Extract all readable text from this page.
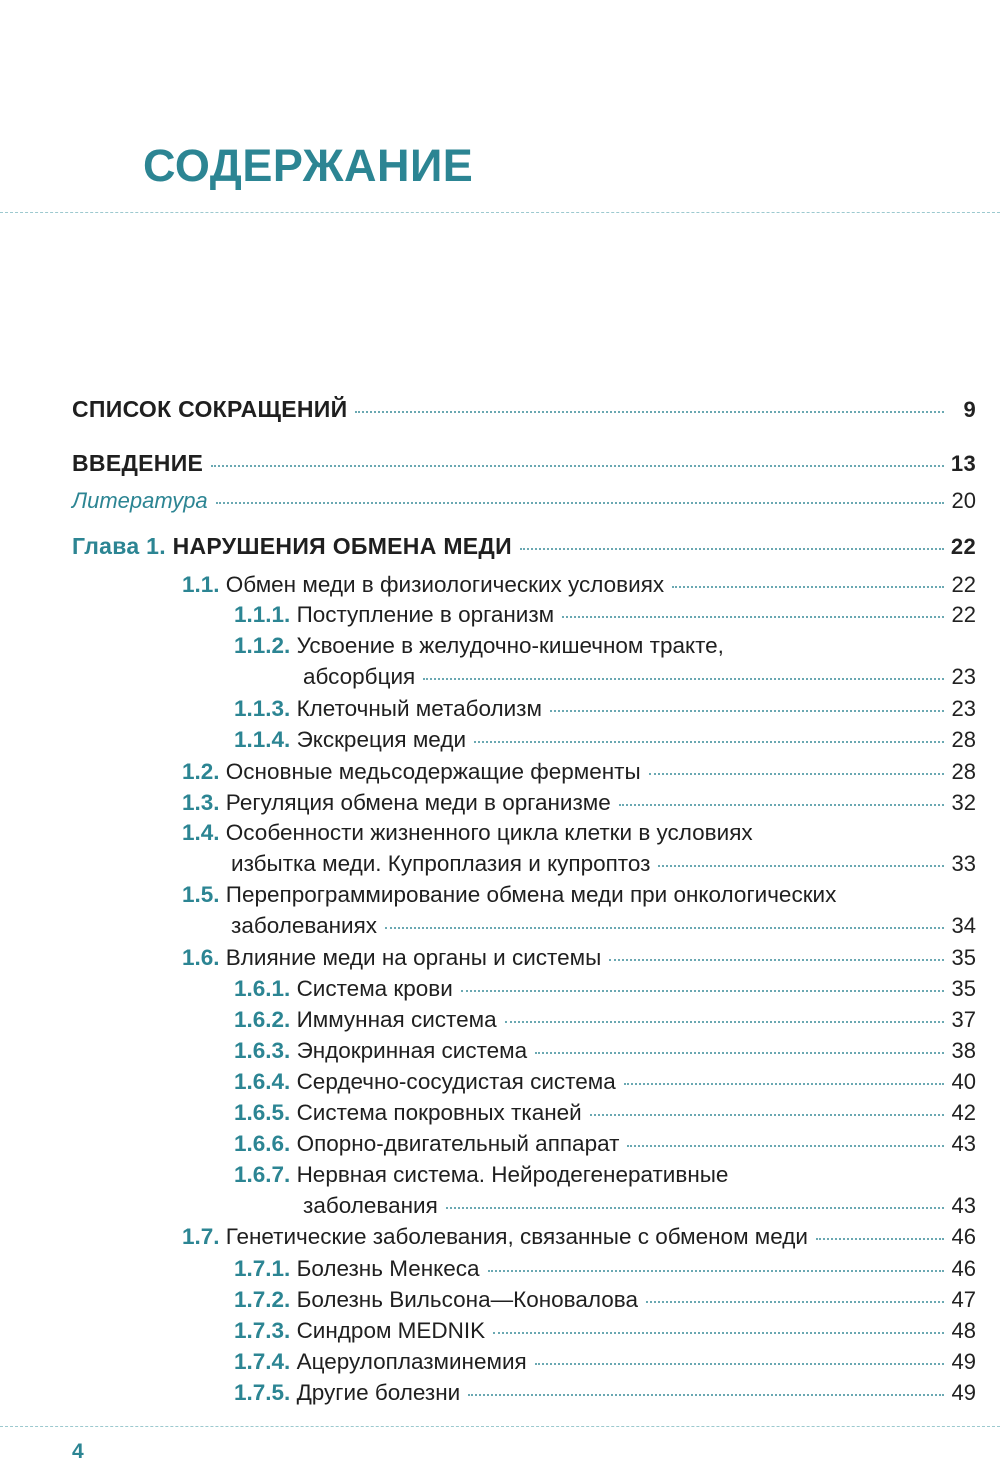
СОДЕРЖАНИЕ
СПИСОК СОКРАЩЕНИЙ	9
ВВЕДЕНИЕ	13
Литература	20
Глава 1. НАРУШЕНИЯ ОБМЕНА МЕДИ	22
1.1. Обмен меди в физиологических условиях	22
1.1.1. Поступление в организм	22
1.1.2. Усвоение в желудочно-кишечном тракте,
абсорбция	23
1.1.3. Клеточный метаболизм	23
1.1.4. Экскреция меди	28
1.2. Основные медьсодержащие ферменты	28
1.3. Регуляция обмена меди в организме	32
1.4. Особенности жизненного цикла клетки в условиях
избытка меди. Купроплазия и купроптоз	33
1.5. Перепрограммирование обмена меди при онкологических
заболеваниях	34
1.6. Влияние меди на органы и системы	35
1.6.1. Система крови	35
1.6.2. Иммунная система	37
1.6.3. Эндокринная система	38
1.6.4. Сердечно-сосудистая система	40
1.6.5. Система покровных тканей	42
1.6.6. Опорно-двигательный аппарат	43
1.6.7. Нервная система. Нейродегенеративные
заболевания	43
1.7. Генетические заболевания, связанные с обменом меди	46
1.7.1. Болезнь Менкеса	46
1.7.2. Болезнь Вильсона—Коновалова	47
1.7.3. Синдром MEDNIK	48
1.7.4. Ацерулоплазминемия	49
1.7.5. Другие болезни	49
4
